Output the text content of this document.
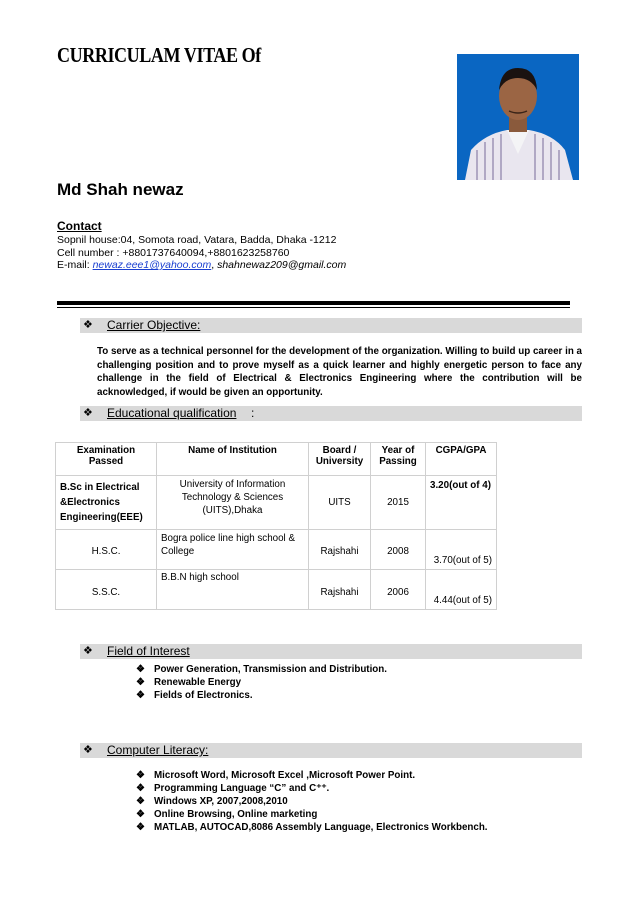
CURRICULAM VITAE Of
Md Shah newaz
Contact
Sopnil house:04, Somota road, Vatara, Badda, Dhaka -1212
Cell number : +8801737640094,+8801623258760
E-mail: newaz.eee1@yahoo.com, shahnewaz209@gmail.com
❖ Carrier Objective:
To serve as a technical personnel for the development of the organization. Willing to build up career in a challenging position and to prove myself as a quick learner and highly energetic person to face any challenge in the field of Electrical & Electronics Engineering where the contribution will be acknowledged, if would be given an opportunity.
❖ Educational qualification :
Examination Passed	Name of Institution	Board / University	Year of Passing	CGPA/GPA
B.Sc in Electrical &Electronics Engineering(EEE)	University of Information Technology & Sciences (UITS),Dhaka	UITS	2015	3.20(out of 4)
H.S.C.	Bogra police line high school & College	Rajshahi	2008	3.70(out of 5)
S.S.C.	B.B.N high school	Rajshahi	2006	4.44(out of 5)
❖ Field of Interest
❖ Power Generation, Transmission and Distribution.
❖ Renewable Energy
❖ Fields of Electronics.
❖ Computer Literacy:
❖ Microsoft Word, Microsoft Excel ,Microsoft Power Point.
❖ Programming Language “C” and C⁺⁺.
❖ Windows XP, 2007,2008,2010
❖ Online Browsing, Online marketing
❖ MATLAB, AUTOCAD,8086 Assembly Language, Electronics Workbench.
